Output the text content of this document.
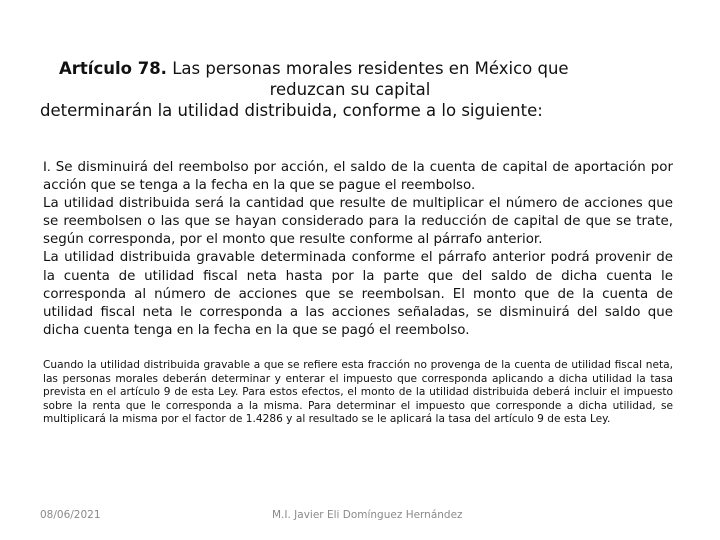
Artículo 78. Las personas morales residentes en México que
reduzcan su capital
determinarán la utilidad distribuida, conforme a lo siguiente:

I. Se disminuirá del reembolso por acción, el saldo de la cuenta de capital de aportación por acción que se tenga a la fecha en la que se pague el reembolso.

La utilidad distribuida será la cantidad que resulte de multiplicar el número de acciones que se reembolsen o las que se hayan considerado para la reducción de capital de que se trate, según corresponda, por el monto que resulte conforme al párrafo anterior.

La utilidad distribuida gravable determinada conforme el párrafo anterior podrá provenir de la cuenta de utilidad fiscal neta hasta por la parte que del saldo de dicha cuenta le corresponda al número de acciones que se reembolsan. El monto que de la cuenta de utilidad fiscal neta le corresponda a las acciones señaladas, se disminuirá del saldo que dicha cuenta tenga en la fecha en la que se pagó el reembolso.

Cuando la utilidad distribuida gravable a que se refiere esta fracción no provenga de la cuenta de utilidad fiscal neta, las personas morales deberán determinar y enterar el impuesto que corresponda aplicando a dicha utilidad la tasa prevista en el artículo 9 de esta Ley. Para estos efectos, el monto de la utilidad distribuida deberá incluir el impuesto sobre la renta que le corresponda a la misma. Para determinar el impuesto que corresponde a dicha utilidad, se multiplicará la misma por el factor de 1.4286 y al resultado se le aplicará la tasa del artículo 9 de esta Ley.

08/06/2021	M.I. Javier Eli Domínguez Hernández
